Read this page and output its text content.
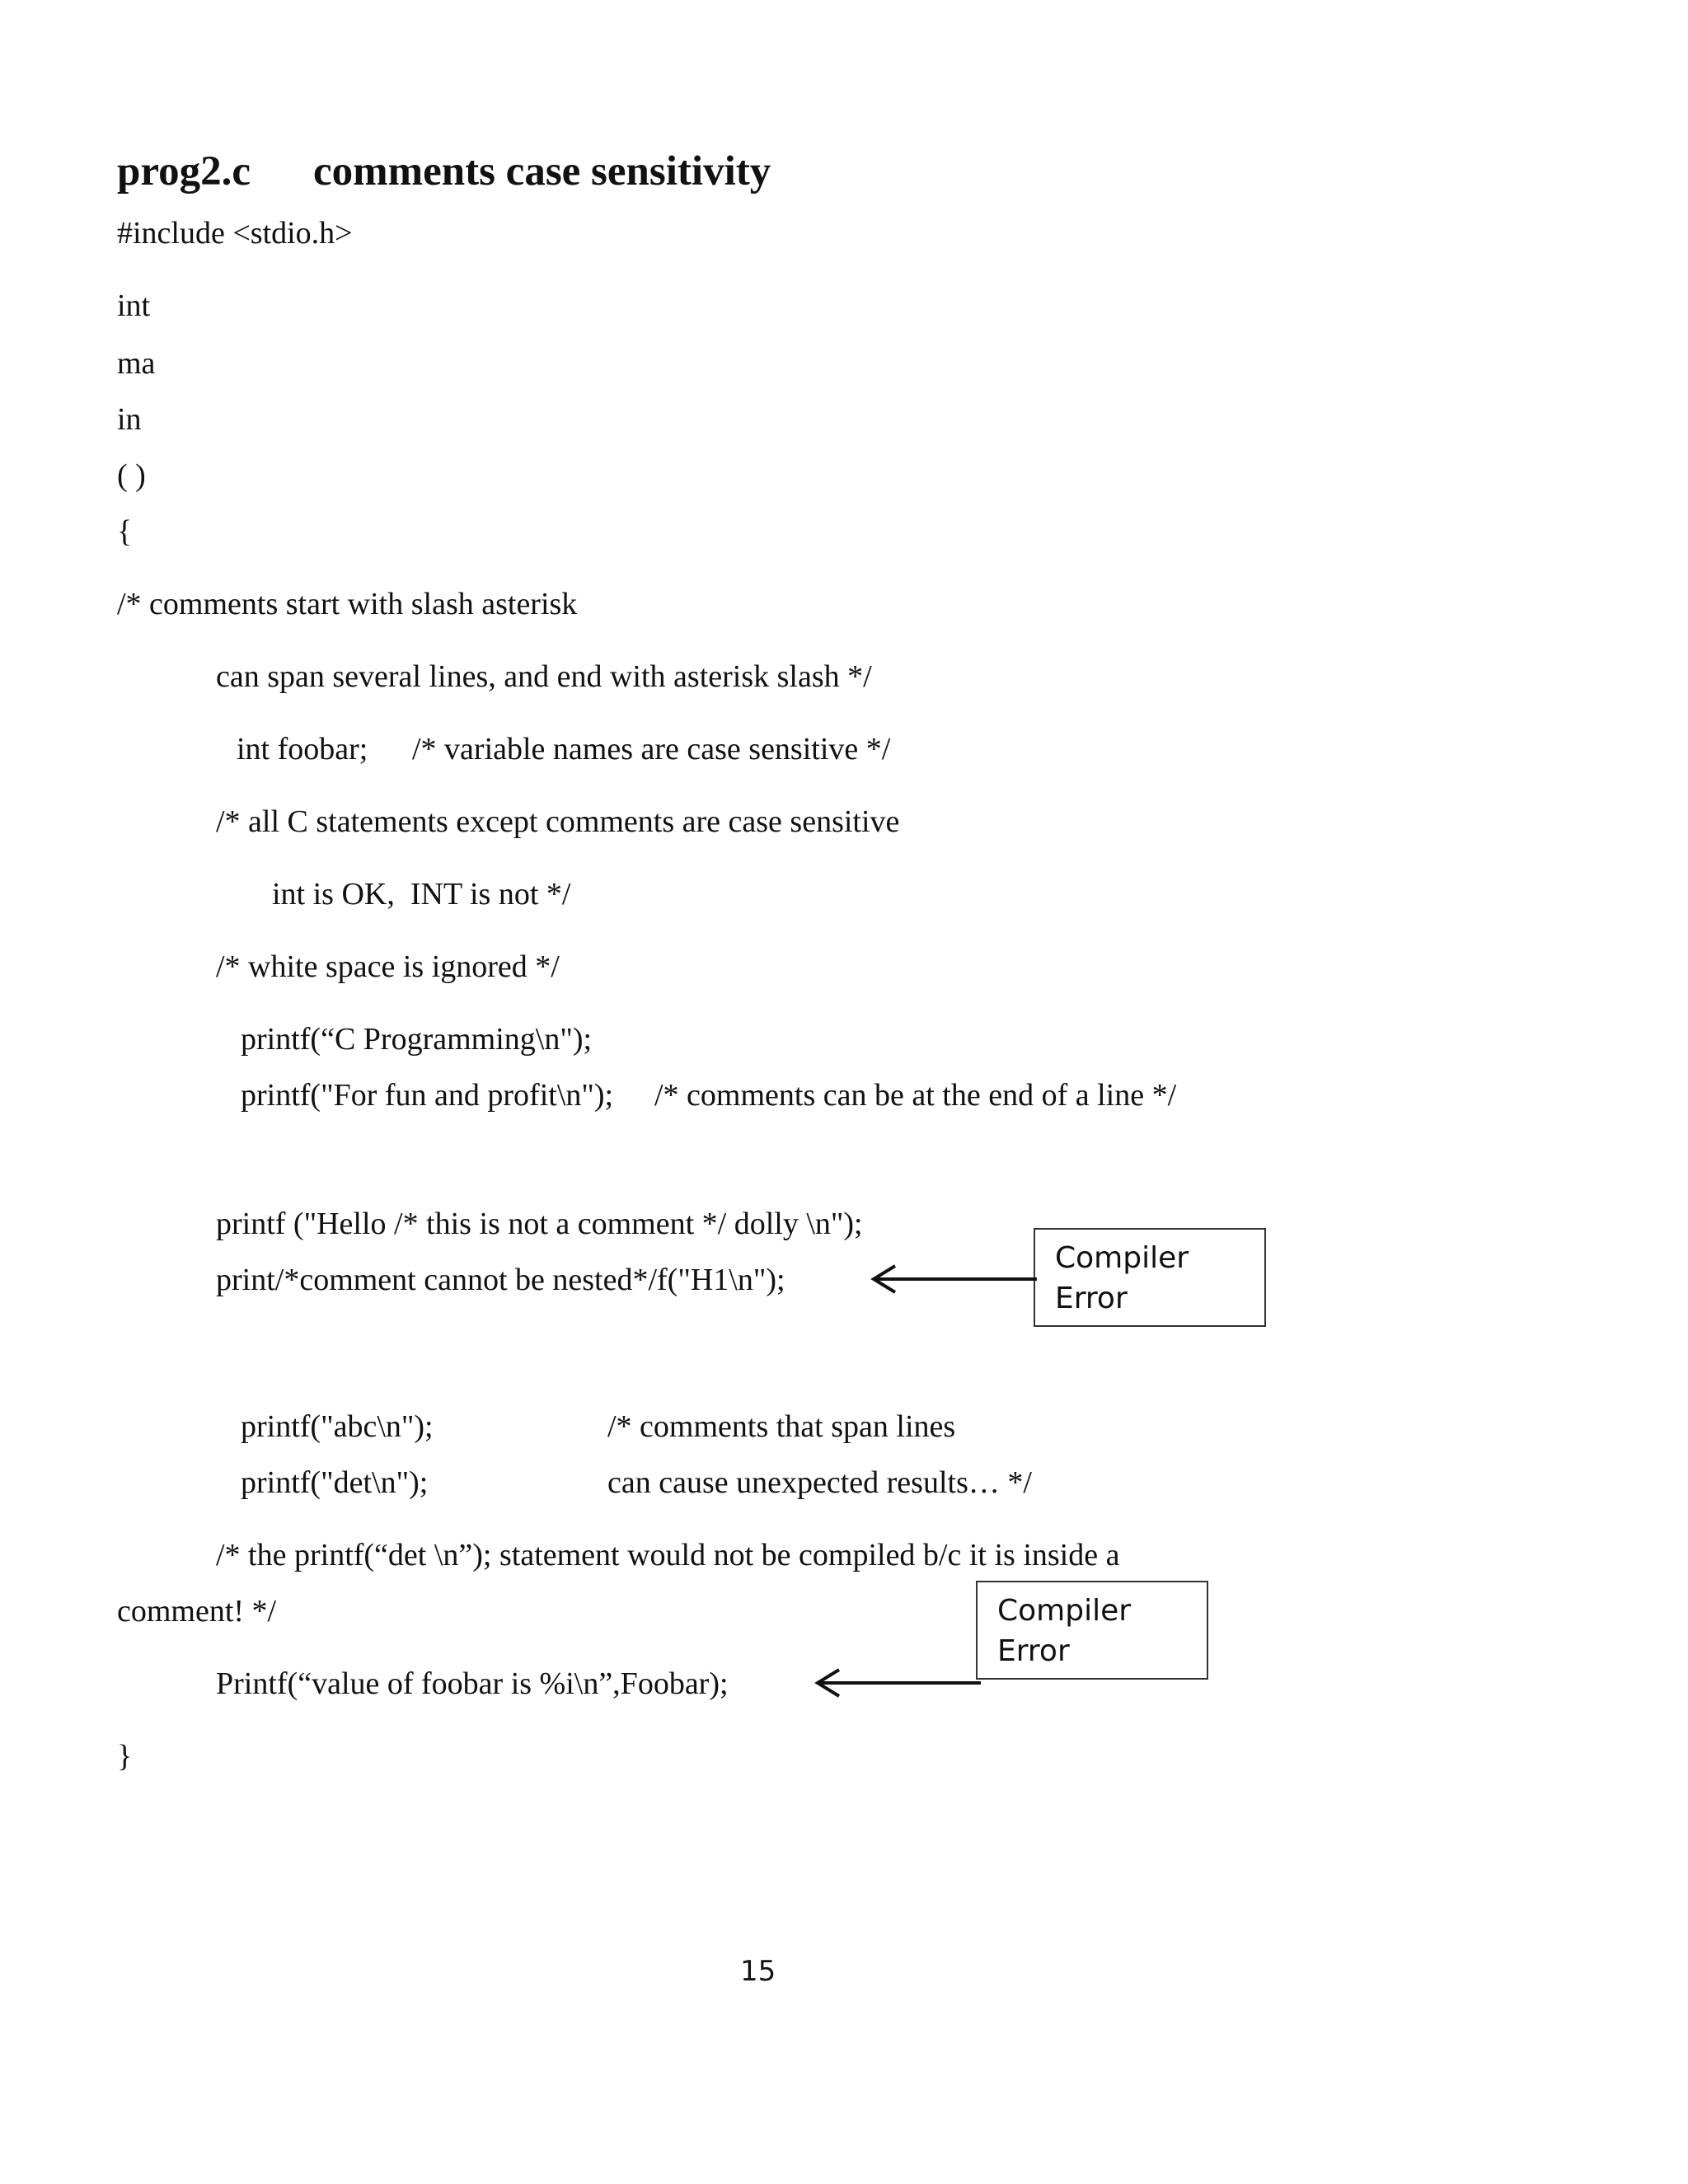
prog2.c comments case sensitivity
#include <stdio.h>
int
ma
in
( )
{
/* comments start with slash asterisk
can span several lines, and end with asterisk slash */
int foobar; /* variable names are case sensitive */
/* all C statements except comments are case sensitive
int is OK,  INT is not */
/* white space is ignored */
printf(“C Programming\n");
printf("For fun and profit\n"); /* comments can be at the end of a line */
printf ("Hello /* this is not a comment */ dolly \n");
print/*comment cannot be nested*/f("H1\n");
printf("abc\n");	/* comments that span lines
printf("det\n");	can cause unexpected results… */
/* the printf(“det \n”); statement would not be compiled b/c it is inside a
comment! */
Printf(“value of foobar is %i\n”,Foobar);
}
Compiler
Error
Compiler
Error
15
